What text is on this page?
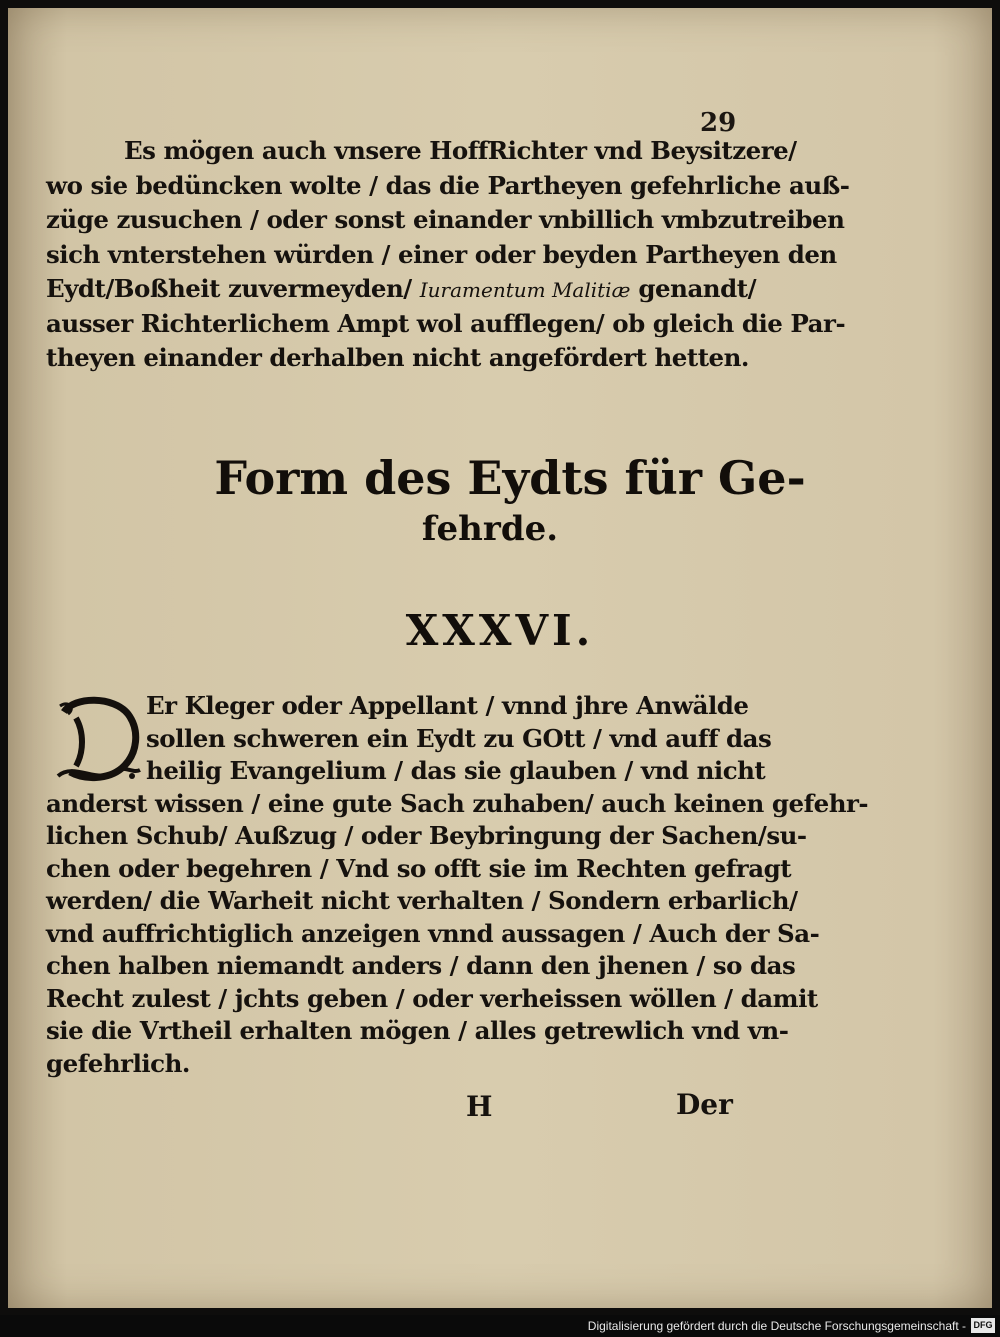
29
Es mögen auch vnsere HoffRichter vnd Beysitzere/
wo sie bedüncken wolte / das die Partheyen gefehrliche auß-
züge zusuchen / oder sonst einander vnbillich vmbzutreiben
sich vnterstehen würden / einer oder beyden Partheyen den
Eydt/Boßheit zuvermeyden/ Iuramentum Malitiæ genandt/
ausser Richterlichem Ampt wol aufflegen/ ob gleich die Par-
theyen einander derhalben nicht angefördert hetten.
Form des Eydts für Ge-
fehrde.
XXXVI.
Er Kleger oder Appellant / vnnd jhre Anwälde
sollen schweren ein Eydt zu GOtt / vnd auff das
heilig Evangelium / das sie glauben / vnd nicht
anderst wissen / eine gute Sach zuhaben/ auch keinen gefehr-
lichen Schub/ Außzug / oder Beybringung der Sachen/su-
chen oder begehren / Vnd so offt sie im Rechten gefragt
werden/ die Warheit nicht verhalten / Sondern erbarlich/
vnd auffrichtiglich anzeigen vnnd aussagen / Auch der Sa-
chen halben niemandt anders / dann den jhenen / so das
Recht zulest / jchts geben / oder verheissen wöllen / damit
sie die Vrtheil erhalten mögen / alles getrewlich vnd vn-
gefehrlich.
H	Der
Digitalisierung gefördert durch die Deutsche Forschungsgemeinschaft - DFG
